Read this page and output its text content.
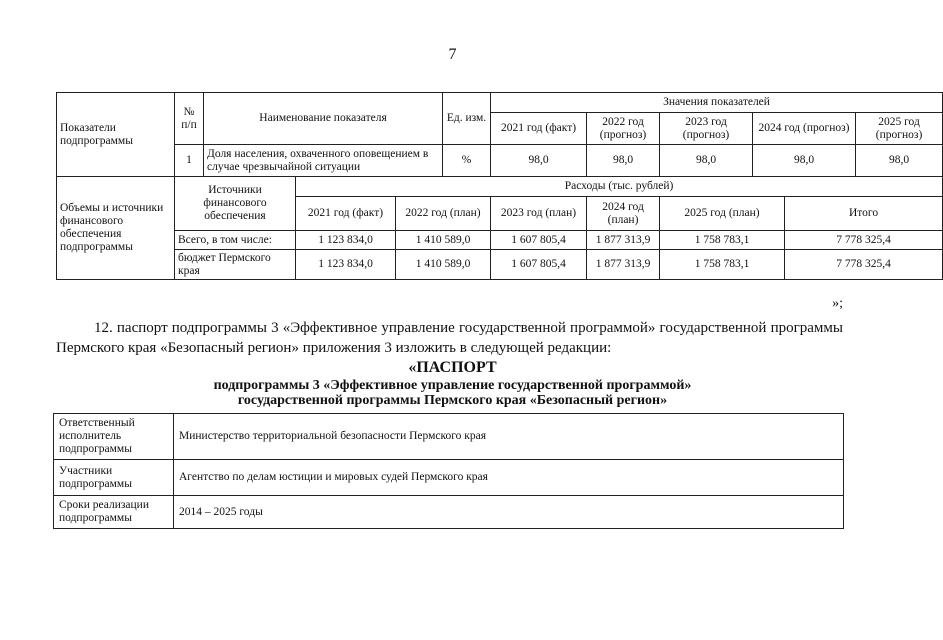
7
Показатели подпрограммы	№ п/п	Наименование показателя			Ед. изм.	Значения показателей					
						2021 год (факт)	2022 год (прогноз)	2023 год (прогноз)	2024 год (прогноз)		2025 год (прогноз)
	1	Доля населения, охваченного оповещением в случае чрезвычайной ситуации			%	98,0	98,0	98,0	98,0		98,0
Объемы и источники финансового обеспечения подпрограммы	Источники финансового обеспечения		Расходы (тыс. рублей)								
			2021 год (факт)	2022 год (план)		2023 год (план)	2024 год (план)	2025 год (план)		Итого	
	Всего, в том числе:		1 123 834,0	1 410 589,0		1 607 805,4	1 877 313,9	1 758 783,1		7 778 325,4	
	бюджет Пермского края		1 123 834,0	1 410 589,0		1 607 805,4	1 877 313,9	1 758 783,1		7 778 325,4	
»;
12. паспорт подпрограммы 3 «Эффективное управление государственной программой» государственной программы Пермского края «Безопасный регион» приложения 3 изложить в следующей редакции:
«ПАСПОРТ
подпрограммы 3 «Эффективное управление государственной программой»
государственной программы Пермского края «Безопасный регион»
Ответственный исполнитель подпрограммы	Министерство территориальной безопасности Пермского края
Участники подпрограммы	Агентство по делам юстиции и мировых судей Пермского края
Сроки реализации подпрограммы	2014 – 2025 годы
